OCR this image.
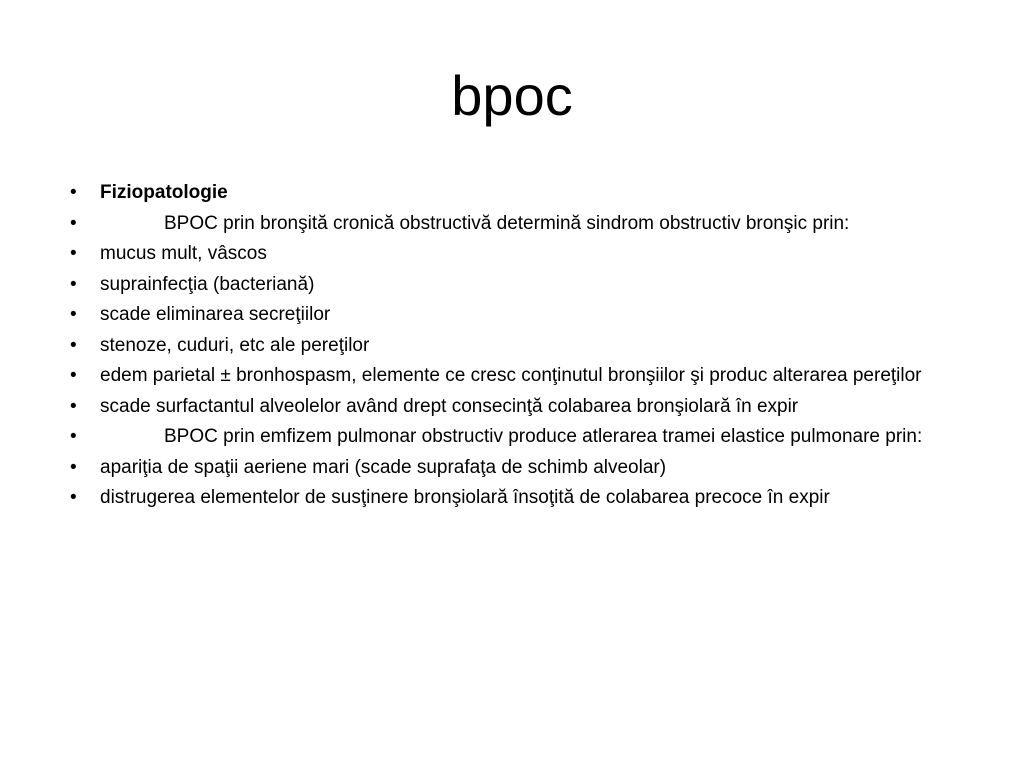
bpoc
•	Fiziopatologie
•	BPOC prin bronşită cronică obstructivă determină sindrom obstructiv bronşic prin:
•	mucus mult, vâscos
•	suprainfecţia (bacteriană)
•	scade eliminarea secreţiilor
•	stenoze, cuduri, etc ale pereţilor
•	edem parietal ± bronhospasm, elemente ce cresc conţinutul bronşiilor şi produc alterarea pereţilor
•	scade surfactantul alveolelor având drept consecinţă colabarea bronşiolară în expir
•	BPOC prin emfizem pulmonar obstructiv produce atlerarea tramei elastice pulmonare prin:
•	apariţia de spaţii aeriene mari (scade suprafaţa de schimb alveolar)
•	distrugerea elementelor de susţinere bronşiolară însoţită de colabarea precoce în expir
